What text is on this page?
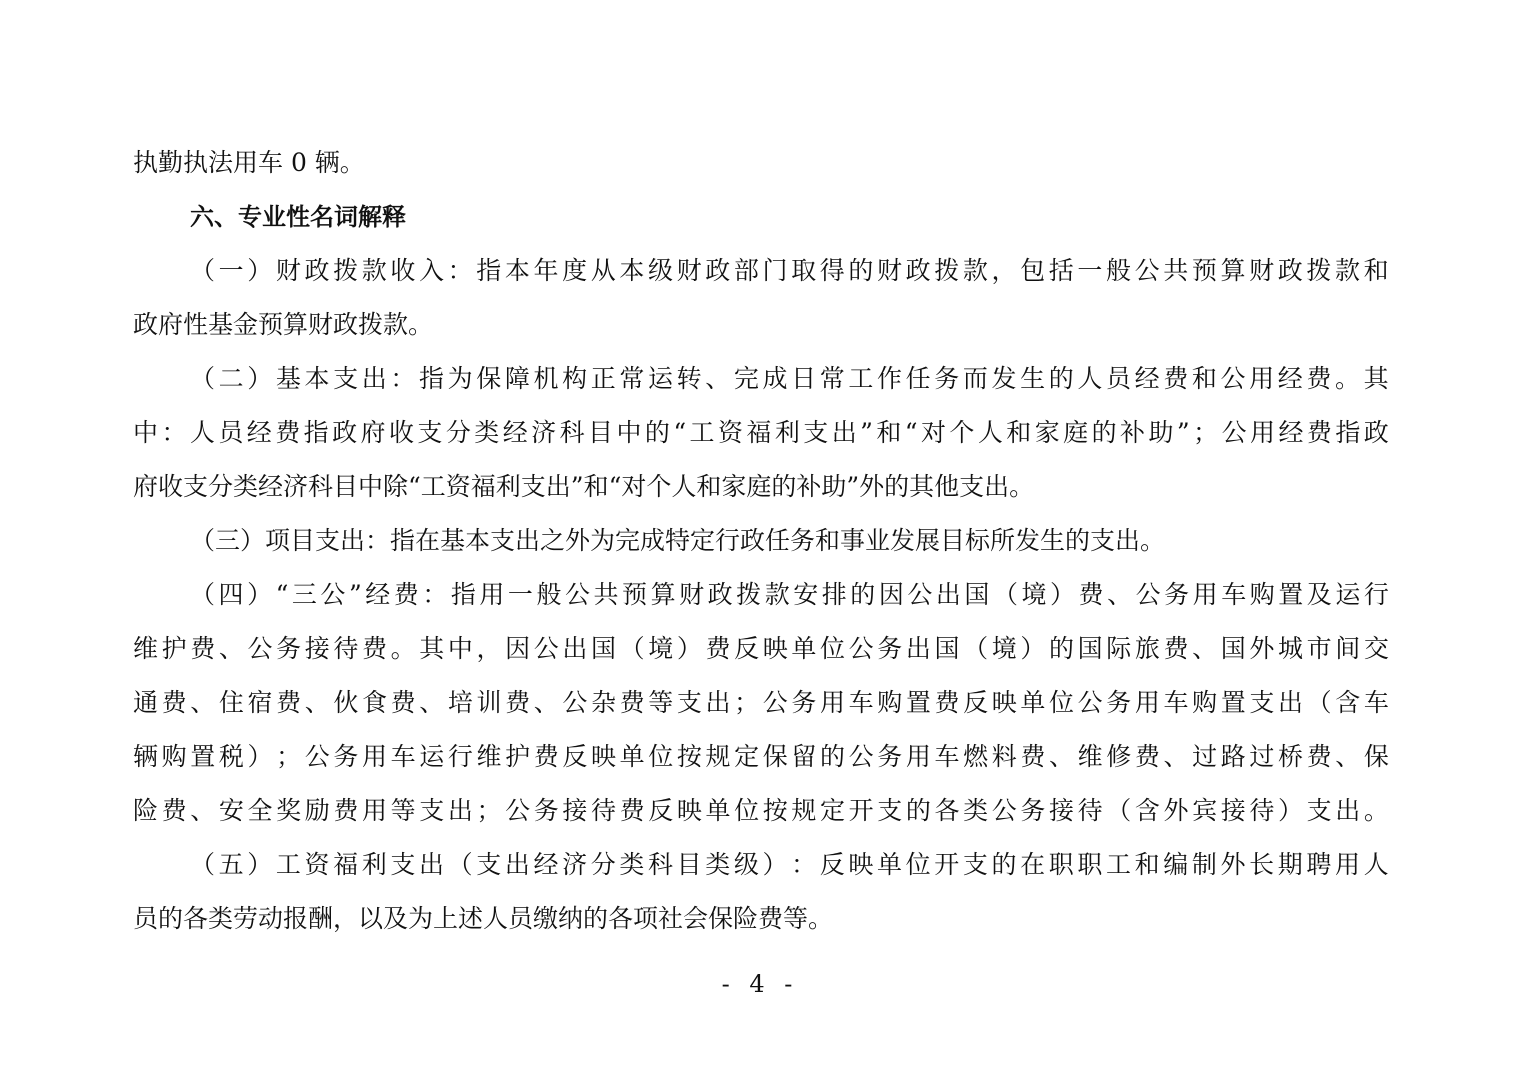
- 4 -
执勤执法用车 0 辆。
六、专业性名词解释
（ 一 ） 财 政 拨 款 收 入 ： 指 本 年 度 从 本 级 财 政 部 门 取 得 的 财 政 拨 款 ， 包 括 一 般 公 共 预 算 财 政 拨 款 和
政府性基金预算财政拨款。
（ 二 ） 基 本 支 出 ： 指 为 保 障 机 构 正 常 运 转 、 完 成 日 常 工 作 任 务 而 发 生 的 人 员 经 费 和 公 用 经 费 。 其
中 ： 人 员 经 费 指 政 府 收 支 分 类 经 济 科 目 中 的 “ 工 资 福 利 支 出 ” 和 “ 对 个 人 和 家 庭 的 补 助 ” ； 公 用 经 费 指 政
府收支分类经济科目中除“工资福利支出”和“对个人和家庭的补助”外的其他支出。
（三）项目支出：指在基本支出之外为完成特定行政任务和事业发展目标所发生的支出。
（ 四 ） “ 三 公 ” 经 费 ： 指 用 一 般 公 共 预 算 财 政 拨 款 安 排 的 因 公 出 国 （ 境 ） 费 、 公 务 用 车 购 置 及 运 行
维 护 费 、 公 务 接 待 费 。 其 中 ， 因 公 出 国 （ 境 ） 费 反 映 单 位 公 务 出 国 （ 境 ） 的 国 际 旅 费 、 国 外 城 市 间 交
通 费 、 住 宿 费 、 伙 食 费 、 培 训 费 、 公 杂 费 等 支 出 ； 公 务 用 车 购 置 费 反 映 单 位 公 务 用 车 购 置 支 出 （ 含 车
辆 购 置 税 ） ； 公 务 用 车 运 行 维 护 费 反 映 单 位 按 规 定 保 留 的 公 务 用 车 燃 料 费 、 维 修 费 、 过 路 过 桥 费 、 保
险 费 、 安 全 奖 励 费 用 等 支 出 ； 公 务 接 待 费 反 映 单 位 按 规 定 开 支 的 各 类 公 务 接 待 （ 含 外 宾 接 待 ） 支 出 。
（ 五 ） 工 资 福 利 支 出 （ 支 出 经 济 分 类 科 目 类 级 ） ： 反 映 单 位 开 支 的 在 职 职 工 和 编 制 外 长 期 聘 用 人
员的各类劳动报酬，以及为上述人员缴纳的各项社会保险费等。
